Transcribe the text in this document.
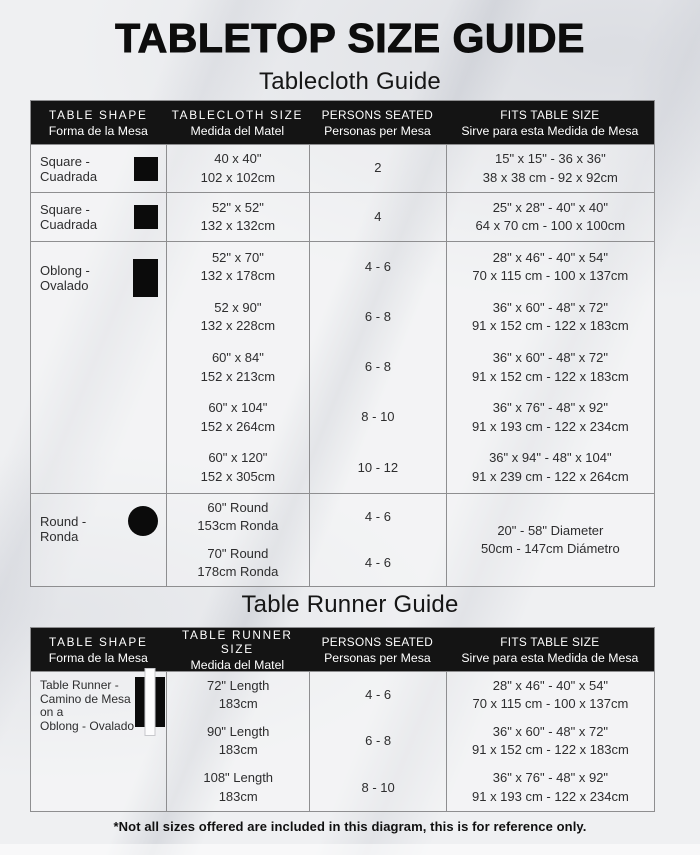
TABLETOP SIZE GUIDE
Tablecloth Guide
TABLE SHAPE
Forma de la Mesa
TABLECLOTH SIZE
Medida del Matel
PERSONS SEATED
Personas per Mesa
FITS TABLE SIZE
Sirve para esta Medida de Mesa
Square - Cuadrada
40 x 40"
102 x 102cm
2
15" x 15" - 36 x 36"
38 x 38 cm - 92 x 92cm
Square - Cuadrada
52" x 52"
132 x 132cm
4
25" x 28" - 40" x 40"
64 x 70 cm - 100 x 100cm
Oblong - Ovalado
52" x 70"
132 x 178cm
52 x 90"
132 x 228cm
60" x 84"
152 x 213cm
60" x 104"
152 x 264cm
60" x 120"
152 x 305cm
4 - 6
6 - 8
6 - 8
8 - 10
10 - 12
28" x 46" - 40" x 54"
70 x 115 cm - 100 x 137cm
36" x 60" - 48" x 72"
91 x 152 cm - 122 x 183cm
36" x 60" - 48" x 72"
91 x 152 cm - 122 x 183cm
36" x 76" - 48" x 92"
91 x 193 cm - 122 x 234cm
36" x 94" - 48" x 104"
91 x 239 cm - 122 x 264cm
Round - Ronda
60" Round
153cm Ronda
70" Round
178cm Ronda
4 - 6
4 - 6
20" - 58" Diameter
50cm - 147cm Diámetro
Table Runner Guide
TABLE SHAPE
Forma de la Mesa
TABLE RUNNER SIZE
Medida del Matel
PERSONS SEATED
Personas per Mesa
FITS TABLE SIZE
Sirve para esta Medida de Mesa
Table Runner -
Camino de Mesa
on a
Oblong - Ovalado
72" Length
183cm
90" Length
183cm
108" Length
183cm
4 - 6
6 - 8
8 - 10
28" x 46" - 40" x 54"
70 x 115 cm - 100 x 137cm
36" x 60" - 48" x 72"
91 x 152 cm - 122 x 183cm
36" x 76" - 48" x 92"
91 x 193 cm - 122 x 234cm
*Not all sizes offered are included in this diagram, this is for reference only.
